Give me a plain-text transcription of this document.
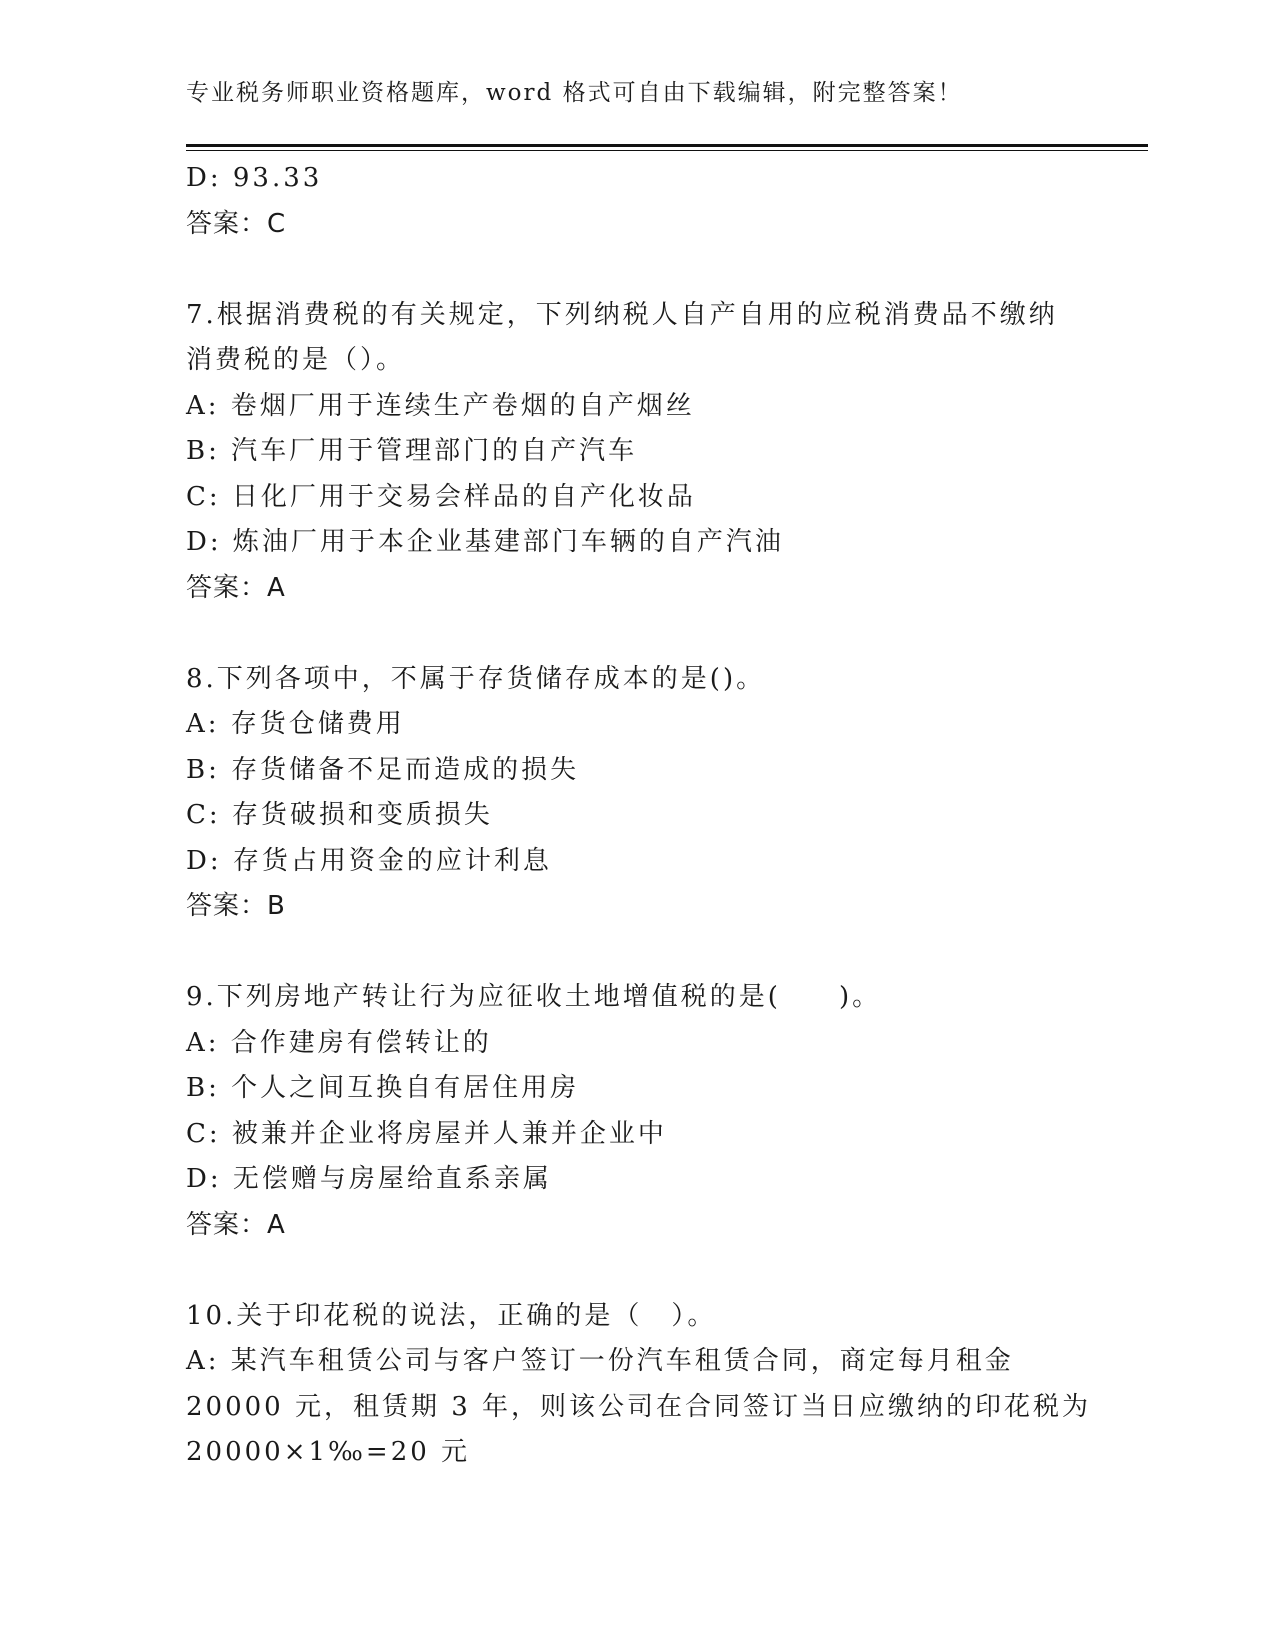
专业税务师职业资格题库，word 格式可自由下载编辑，附完整答案！
D: 93.33
答案：C
7.根据消费税的有关规定，下列纳税人自产自用的应税消费品不缴纳
消费税的是（）。
A: 卷烟厂用于连续生产卷烟的自产烟丝
B: 汽车厂用于管理部门的自产汽车
C: 日化厂用于交易会样品的自产化妆品
D: 炼油厂用于本企业基建部门车辆的自产汽油
答案：A
8.下列各项中，不属于存货储存成本的是()。
A: 存货仓储费用
B: 存货储备不足而造成的损失
C: 存货破损和变质损失
D: 存货占用资金的应计利息
答案：B
9.下列房地产转让行为应征收土地增值税的是(　　)。
A: 合作建房有偿转让的
B: 个人之间互换自有居住用房
C: 被兼并企业将房屋并人兼并企业中
D: 无偿赠与房屋给直系亲属
答案：A
10.关于印花税的说法，正确的是（　）。
A: 某汽车租赁公司与客户签订一份汽车租赁合同，商定每月租金
20000 元，租赁期 3 年，则该公司在合同签订当日应缴纳的印花税为
20000×1‰=20 元
